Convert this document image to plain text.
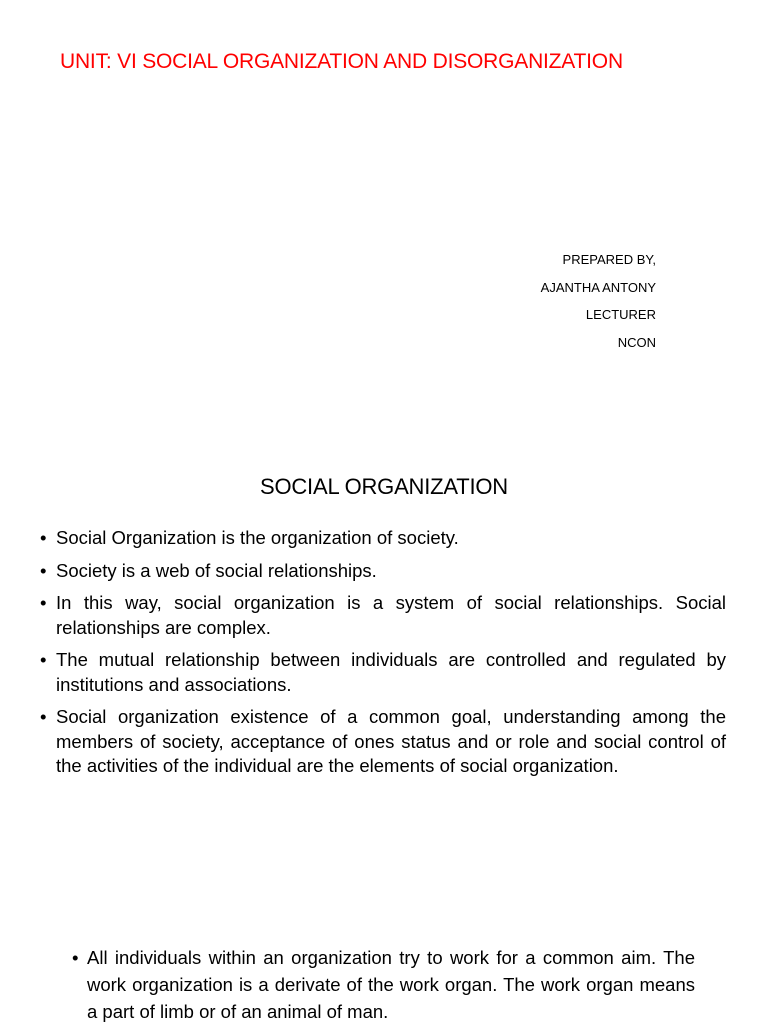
UNIT: VI SOCIAL ORGANIZATION AND DISORGANIZATION
PREPARED BY,
AJANTHA ANTONY
LECTURER
NCON
SOCIAL ORGANIZATION
• Social Organization is the organization of society.
• Society is a web of social relationships.
• In this way, social organization is a system of social relationships. Social relationships are complex.
• The mutual relationship between individuals are controlled and regulated by institutions and associations.
• Social organization existence of a common goal, understanding among the members of society, acceptance of ones status and or role and social control of the activities of the individual are the elements of social organization.
• All individuals within an organization try to work for a common aim. The work organization is a derivate of the work organ. The work organ means a part of limb or of an animal of man.
